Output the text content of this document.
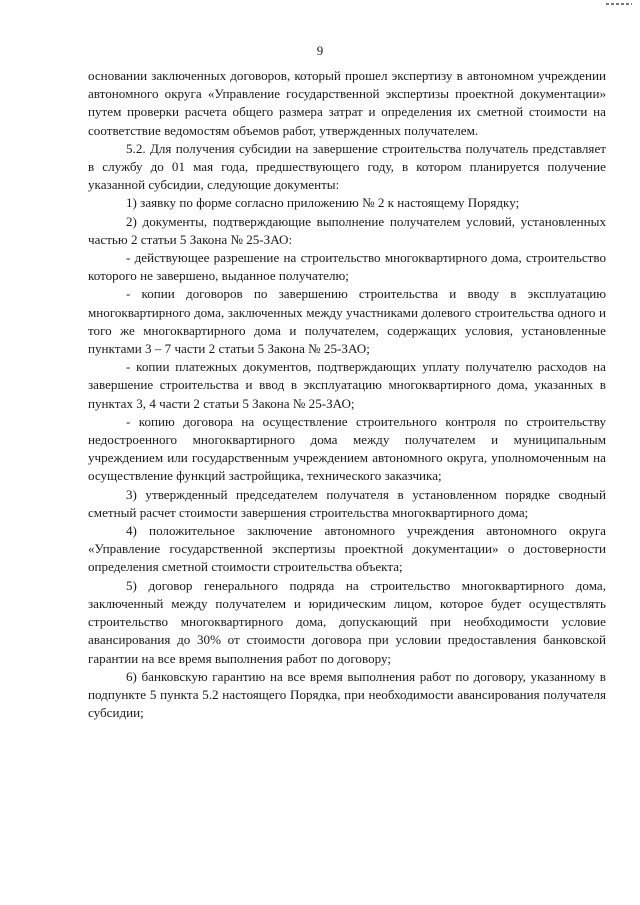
9

основании заключенных договоров, который прошел экспертизу в автономном учреждении автономного округа «Управление государственной экспертизы проектной документации» путем проверки расчета общего размера затрат и определения их сметной стоимости на соответствие ведомостям объемов работ, утвержденных получателем.

5.2. Для получения субсидии на завершение строительства получатель представляет в службу до 01 мая года, предшествующего году, в котором планируется получение указанной субсидии, следующие документы:

1) заявку по форме согласно приложению № 2 к настоящему Порядку;

2) документы, подтверждающие выполнение получателем условий, установленных частью 2 статьи 5 Закона № 25-ЗАО:

- действующее разрешение на строительство многоквартирного дома, строительство которого не завершено, выданное получателю;

- копии договоров по завершению строительства и вводу в эксплуатацию многоквартирного дома, заключенных между участниками долевого строительства одного и того же многоквартирного дома и получателем, содержащих условия, установленные пунктами 3 – 7 части 2 статьи 5 Закона № 25-ЗАО;

- копии платежных документов, подтверждающих уплату получателю расходов на завершение строительства и ввод в эксплуатацию многоквартирного дома, указанных в пунктах 3, 4 части 2 статьи 5 Закона № 25-ЗАО;

- копию договора на осуществление строительного контроля по строительству недостроенного многоквартирного дома между получателем и муниципальным учреждением или государственным учреждением автономного округа, уполномоченным на осуществление функций застройщика, технического заказчика;

3) утвержденный председателем получателя в установленном порядке сводный сметный расчет стоимости завершения строительства многоквартирного дома;

4) положительное заключение автономного учреждения автономного округа «Управление государственной экспертизы проектной документации» о достоверности определения сметной стоимости строительства объекта;

5) договор генерального подряда на строительство многоквартирного дома, заключенный между получателем и юридическим лицом, которое будет осуществлять строительство многоквартирного дома, допускающий при необходимости условие авансирования до 30% от стоимости договора при условии предоставления банковской гарантии на все время выполнения работ по договору;

6) банковскую гарантию на все время выполнения работ по договору, указанному в подпункте 5 пункта 5.2 настоящего Порядка, при необходимости авансирования получателя субсидии;
